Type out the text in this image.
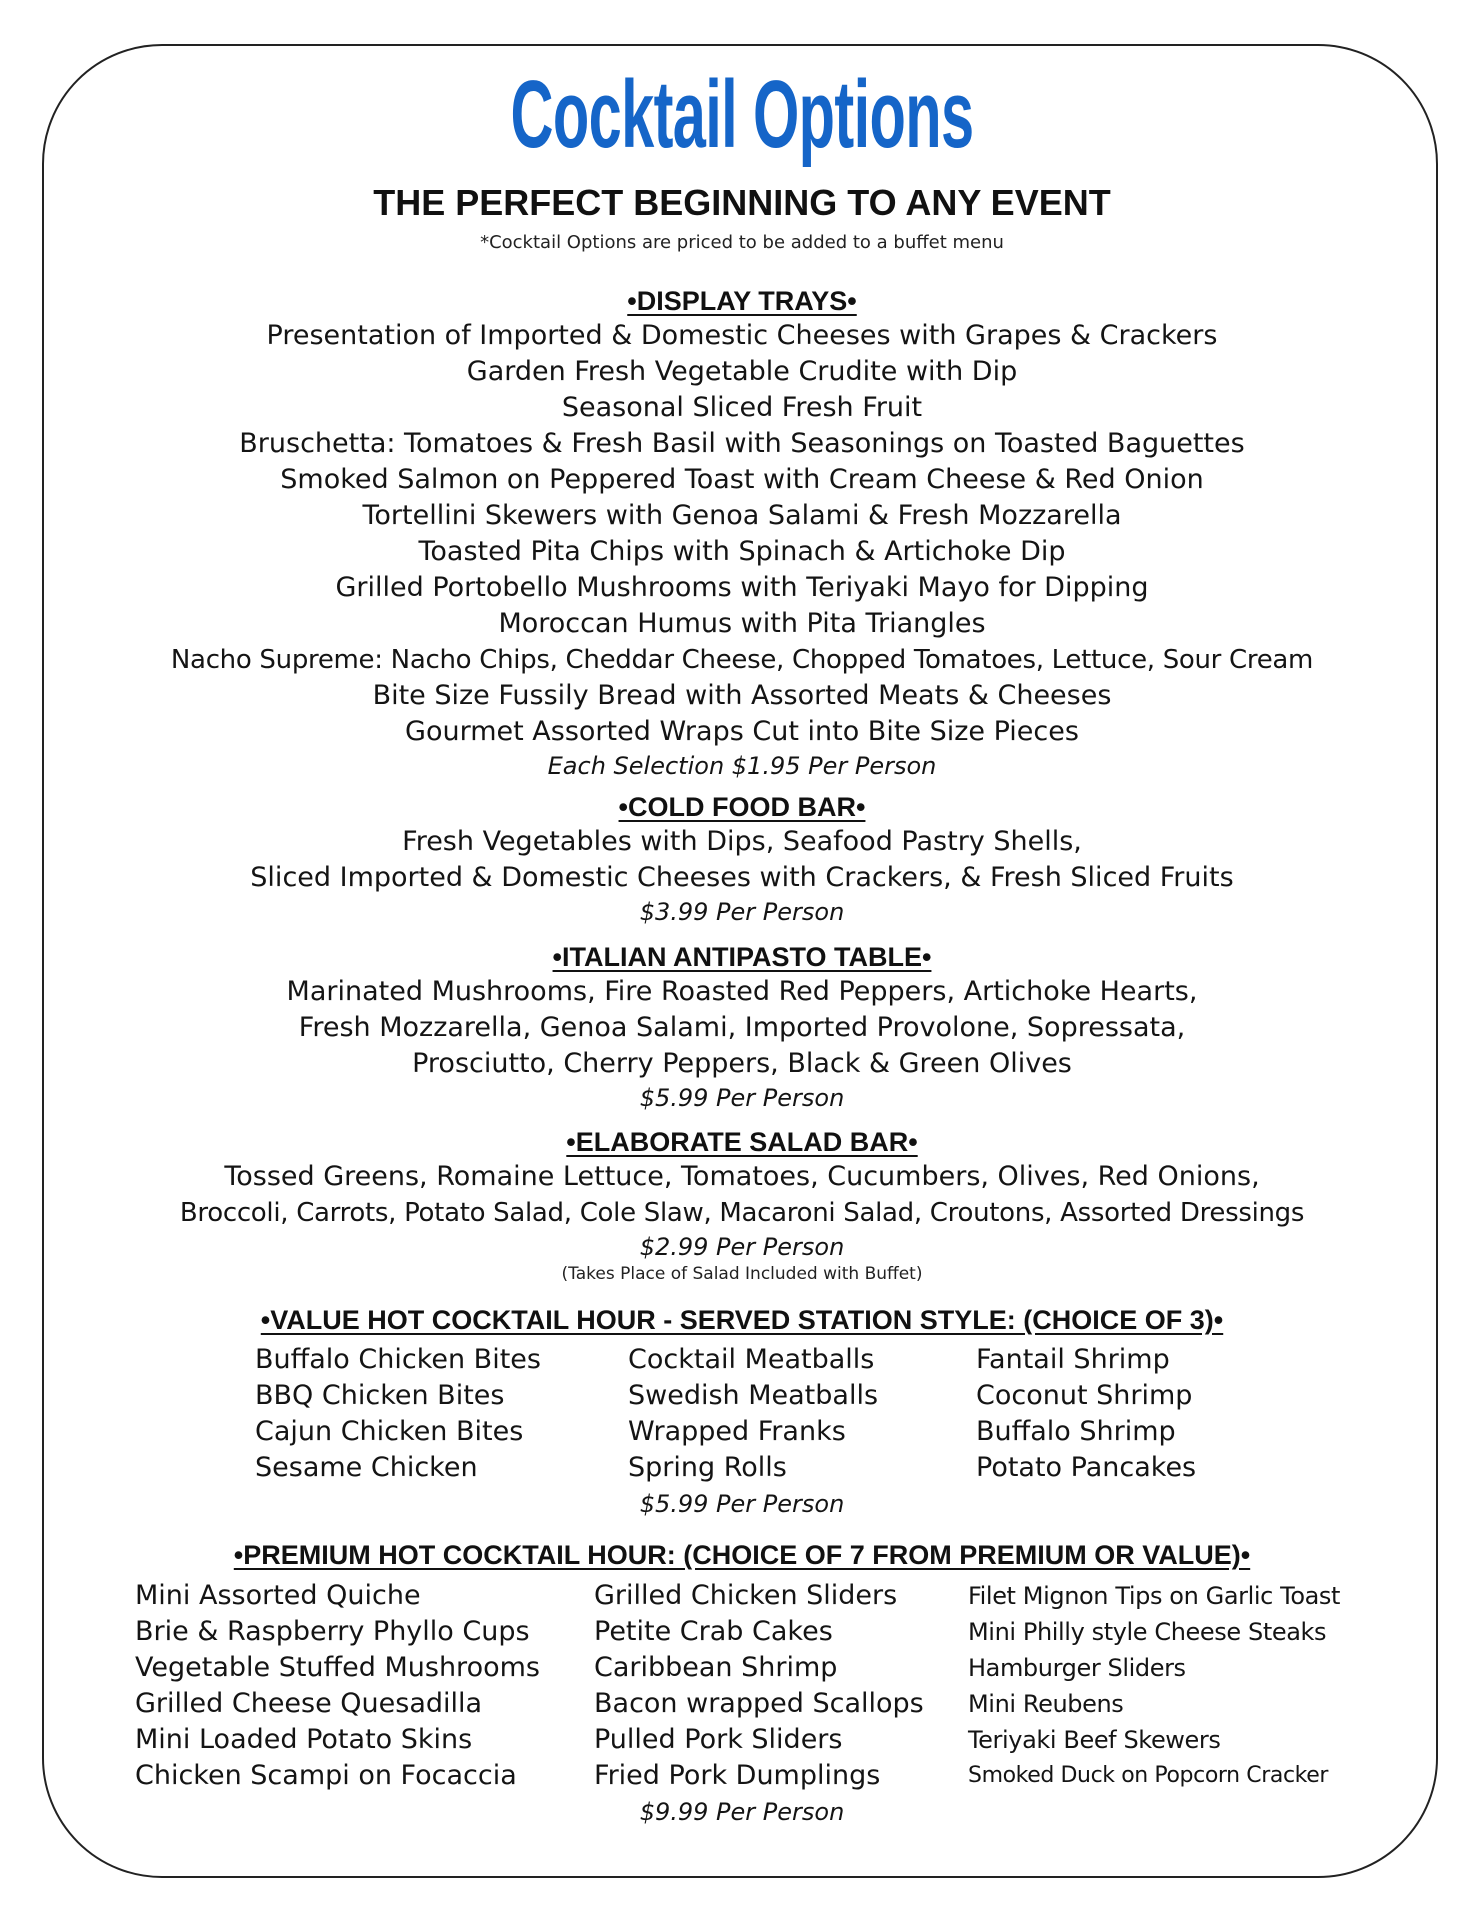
Cocktail Options
THE PERFECT BEGINNING TO ANY EVENT
*Cocktail Options are priced to be added to a buffet menu
•DISPLAY TRAYS•
Presentation of Imported & Domestic Cheeses with Grapes & Crackers
Garden Fresh Vegetable Crudite with Dip
Seasonal Sliced Fresh Fruit
Bruschetta: Tomatoes & Fresh Basil with Seasonings on Toasted Baguettes
Smoked Salmon on Peppered Toast with Cream Cheese & Red Onion
Tortellini Skewers with Genoa Salami & Fresh Mozzarella
Toasted Pita Chips with Spinach & Artichoke Dip
Grilled Portobello Mushrooms with Teriyaki Mayo for Dipping
Moroccan Humus with Pita Triangles
Nacho Supreme: Nacho Chips, Cheddar Cheese, Chopped Tomatoes, Lettuce, Sour Cream
Bite Size Fussily Bread with Assorted Meats & Cheeses
Gourmet Assorted Wraps Cut into Bite Size Pieces
Each Selection $1.95 Per Person
•COLD FOOD BAR•
Fresh Vegetables with Dips, Seafood Pastry Shells,
Sliced Imported & Domestic Cheeses with Crackers, & Fresh Sliced Fruits
$3.99 Per Person
•ITALIAN ANTIPASTO TABLE•
Marinated Mushrooms, Fire Roasted Red Peppers, Artichoke Hearts,
Fresh Mozzarella, Genoa Salami, Imported Provolone, Sopressata,
Prosciutto, Cherry Peppers, Black & Green Olives
$5.99 Per Person
•ELABORATE SALAD BAR•
Tossed Greens, Romaine Lettuce, Tomatoes, Cucumbers, Olives, Red Onions,
Broccoli, Carrots, Potato Salad, Cole Slaw, Macaroni Salad, Croutons, Assorted Dressings
$2.99 Per Person
(Takes Place of Salad Included with Buffet)
•VALUE HOT COCKTAIL HOUR - SERVED STATION STYLE: (CHOICE OF 3)•
Buffalo Chicken Bites
BBQ Chicken Bites
Cajun Chicken Bites
Sesame Chicken
Cocktail Meatballs
Swedish Meatballs
Wrapped Franks
Spring Rolls
Fantail Shrimp
Coconut Shrimp
Buffalo Shrimp
Potato Pancakes
$5.99 Per Person
•PREMIUM HOT COCKTAIL HOUR: (CHOICE OF 7 FROM PREMIUM OR VALUE)•
Mini Assorted Quiche
Brie & Raspberry Phyllo Cups
Vegetable Stuffed Mushrooms
Grilled Cheese Quesadilla
Mini Loaded Potato Skins
Chicken Scampi on Focaccia
Grilled Chicken Sliders
Petite Crab Cakes
Caribbean Shrimp
Bacon wrapped Scallops
Pulled Pork Sliders
Fried Pork Dumplings
Filet Mignon Tips on Garlic Toast
Mini Philly style Cheese Steaks
Hamburger Sliders
Mini Reubens
Teriyaki Beef Skewers
Smoked Duck on Popcorn Cracker
$9.99 Per Person
